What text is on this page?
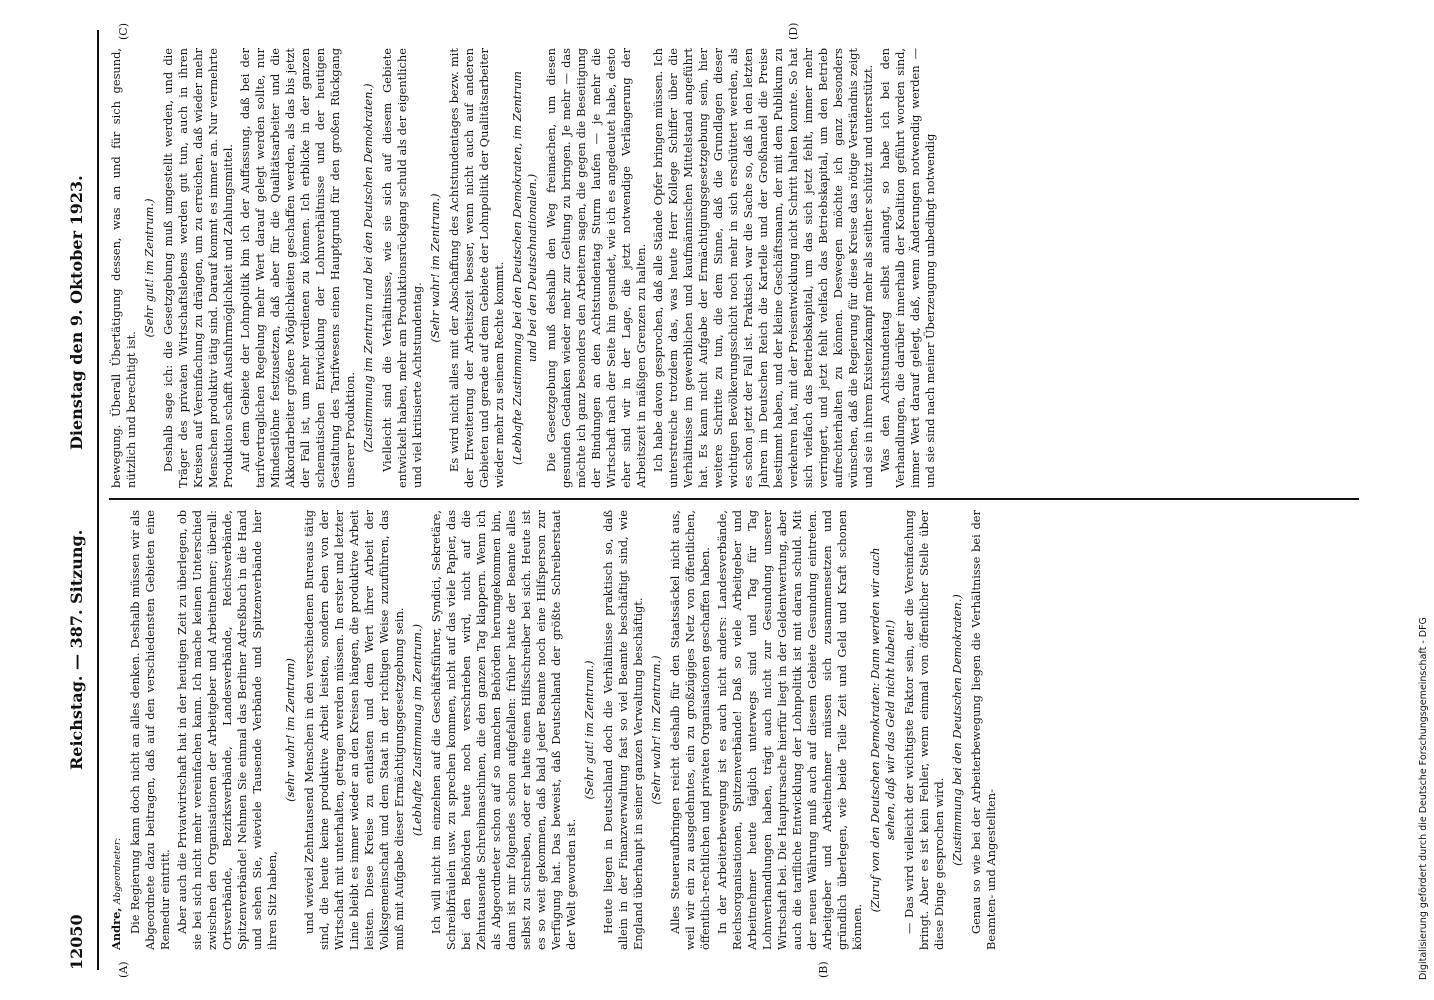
12050
Reichstag. — 387. Sitzung.
Dienstag den 9. Oktober 1923.
(A)	(B)
(C)	(D)

Andre, Abgeordneter: Die Regierung kann doch nicht an alles denken. Deshalb müssen wir als Abgeordnete dazu beitragen, daß auf den verschiedensten Gebieten eine Remedur eintritt. Aber auch die Privatwirtschaft hat in der heutigen Zeit zu überlegen, ob sie bei sich nicht mehr vereinfachen kann. Ich mache keinen Unterschied zwischen den Organisationen der Arbeitgeber und Arbeitnehmer; überall: Ortsverbände, Bezirksverbände, Landesverbände, Reichsverbände, Spitzenverbände! Nehmen Sie einmal das Berliner Adreßbuch in die Hand und sehen Sie, wieviele Tausende Verbände und Spitzenverbände hier ihren Sitz haben,

(sehr wahr! im Zentrum) und wieviel Zehntausend Menschen in den verschiedenen Bureaus tätig sind, die heute keine produktive Arbeit leisten, sondern eben von der Wirtschaft mit unterhalten, getragen werden müssen. In erster und letzter Linie bleibt es immer wieder an den Kreisen hängen, die produktive Arbeit leisten. Diese Kreise zu entlasten und dem Wert ihrer Arbeit der Volksgemeinschaft und dem Staat in der richtigen Weise zuzuführen, das muß mit Aufgabe dieser Ermächtigungsgesetzgebung sein. (Lebhafte Zustimmung im Zentrum.) Ich will nicht im einzelnen auf die Geschäftsführer, Syndici, Sekretäre, Schreibfräulein usw. zu sprechen kommen, nicht auf das viele Papier, das bei den Behörden heute noch verschrieben wird, nicht auf die Zehntausende Schreibmaschinen, die den ganzen Tag klappern. Wenn ich als Abgeordneter schon auf so manchen Behörden herumgekommen bin, dann ist mir folgendes schon aufgefallen: früher hatte der Beamte alles selbst zu schreiben, oder er hatte einen Hilfsschreiber bei sich. Heute ist es so weit gekommen, daß bald jeder Beamte noch eine Hilfsperson zur Verfügung hat. Das beweist, daß Deutschland der größte Schreiberstaat der Welt geworden ist.

(Sehr gut! im Zentrum.) Heute liegen in Deutschland doch die Verhältnisse praktisch so, daß allein in der Finanzverwaltung fast so viel Beamte beschäftigt sind, wie England überhaupt in seiner ganzen Verwaltung beschäftigt. (Sehr wahr! im Zentrum.) Alles Steueraufbringen reicht deshalb für den Staatssäckel nicht aus, weil wir ein zu ausgedehntes, ein zu großzügiges Netz von öffentlichen, öffentlich-rechtlichen und privaten Organisationen geschaffen haben. In der Arbeiterbewegung ist es auch nicht anders: Landesverbände, Reichsorganisationen, Spitzenverbände! Daß so viele Arbeitgeber und Arbeitnehmer heute täglich unterwegs sind und Tag für Tag Lohnverhandlungen haben, trägt auch nicht zur Gesundung unserer Wirtschaft bei. Die Hauptursache hierfür liegt in der Geldentwertung, aber auch die tarifliche Entwicklung der Lohnpolitik ist mit daran schuld. Mit der neuen Währung muß auch auf diesem Gebiete Gesundung eintreten. Arbeitgeber und Arbeitnehmer müssen sich zusammensetzen und gründlich überlegen, wie beide Teile Zeit und Geld und Kraft schonen können.

(Zuruf von den Deutschen Demokraten: Dann werden wir auch sehen, daß wir das Geld nicht haben!) — Das wird vielleicht der wichtigste Faktor sein, der die Vereinfachung bringt. Aber es ist kein Fehler, wenn einmal von öffentlicher Stelle über diese Dinge gesprochen wird. (Zustimmung bei den Deutschen Demokraten.) Genau so wie bei der Arbeiterbewegung liegen die Verhältnisse bei der Beamten- und Angestellten-

bewegung. Überall Übertätigung dessen, was an und für sich gesund, nützlich und berechtigt ist.

(Sehr gut! im Zentrum.) Deshalb sage ich: die Gesetzgebung muß umgestellt werden, und die Träger des privaten Wirtschaftslebens werden gut tun, auch in ihren Kreisen auf Vereinfachung zu drängen, um zu erreichen, daß wieder mehr Menschen produktiv tätig sind. Darauf kommt es immer an. Nur vermehrte Produktion schafft Ausfuhrmöglichkeit und Zahlungsmittel. Auf dem Gebiete der Lohnpolitik bin ich der Auffassung, daß bei der tarifvertraglichen Regelung mehr Wert darauf gelegt werden sollte, nur Mindestlöhne festzusetzen, daß aber für die Qualitätsarbeiter und die Akkordarbeiter größere Möglichkeiten geschaffen werden, als das bis jetzt der Fall ist, um mehr verdienen zu können. Ich erblicke in der ganzen schematischen Entwicklung der Lohnverhältnisse und der heutigen Gestaltung des Tarifwesens einen Hauptgrund für den großen Rückgang unserer Produktion. (Zustimmung im Zentrum und bei den Deutschen Demokraten.) Vielleicht sind die Verhältnisse, wie sie sich auf diesem Gebiete entwickelt haben, mehr am Produktionsrückgang schuld als der eigentliche und viel kritisierte Achtstundentag.

(Sehr wahr! im Zentrum.) Es wird nicht alles mit der Abschaffung des Achtstundentages bezw. mit der Erweiterung der Arbeitszeit besser, wenn nicht auch auf anderen Gebieten und gerade auf dem Gebiete der Lohnpolitik der Qualitätsarbeiter wieder mehr zu seinem Rechte kommt. (Lebhafte Zustimmung bei den Deutschen Demokraten, im Zentrum und bei den Deutschnationalen.) Die Gesetzgebung muß deshalb den Weg freimachen, um diesen gesunden Gedanken wieder mehr zur Geltung zu bringen. Je mehr — das möchte ich ganz besonders den Arbeitern sagen, die gegen die Beseitigung der Bindungen an den Achtstundentag Sturm laufen — je mehr die Wirtschaft nach der Seite hin gesundet, wie ich es angedeutet habe, desto eher sind wir in der Lage, die jetzt notwendige Verlängerung der Arbeitszeit in mäßigen Grenzen zu halten. Ich habe davon gesprochen, daß alle Stände Opfer bringen müssen. Ich unterstreiche trotzdem das, was heute Herr Kollege Schiffer über die Verhältnisse im gewerblichen und kaufmännischen Mittelstand angeführt hat. Es kann nicht Aufgabe der Ermächtigungsgesetzgebung sein, hier weitere Schritte zu tun, die dem Sinne, daß die Grundlagen dieser wichtigen Bevölkerungsschicht noch mehr in sich erschüttert werden, als es schon jetzt der Fall ist. Praktisch war die Sache so, daß in den letzten Jahren im Deutschen Reich die Kartelle und der Großhandel die Preise bestimmt haben, und der kleine Geschäftsmann, der mit dem Publikum zu verkehren hat, mit der Preisentwicklung nicht Schritt halten konnte. So hat sich vielfach das Betriebskapital, um das sich jetzt fehlt, immer mehr verringert, und jetzt fehlt vielfach das Betriebskapital, um den Betrieb aufrechterhalten zu können. Deswegen möchte ich ganz besonders wünschen, daß die Regierung für diese Kreise das nötige Verständnis zeigt und sie in ihrem Existenzkampf mehr als seither schützt und unterstützt. Was den Achtstundentag selbst anlangt, so habe ich bei den Verhandlungen, die darüber innerhalb der Koalition geführt worden sind, immer Wert darauf gelegt, daß, wenn Änderungen notwendig werden — und sie sind nach meiner Überzeugung unbedingt notwendig

Digitalisierung gefördert durch die Deutsche Forschungsgemeinschaft - DFG
